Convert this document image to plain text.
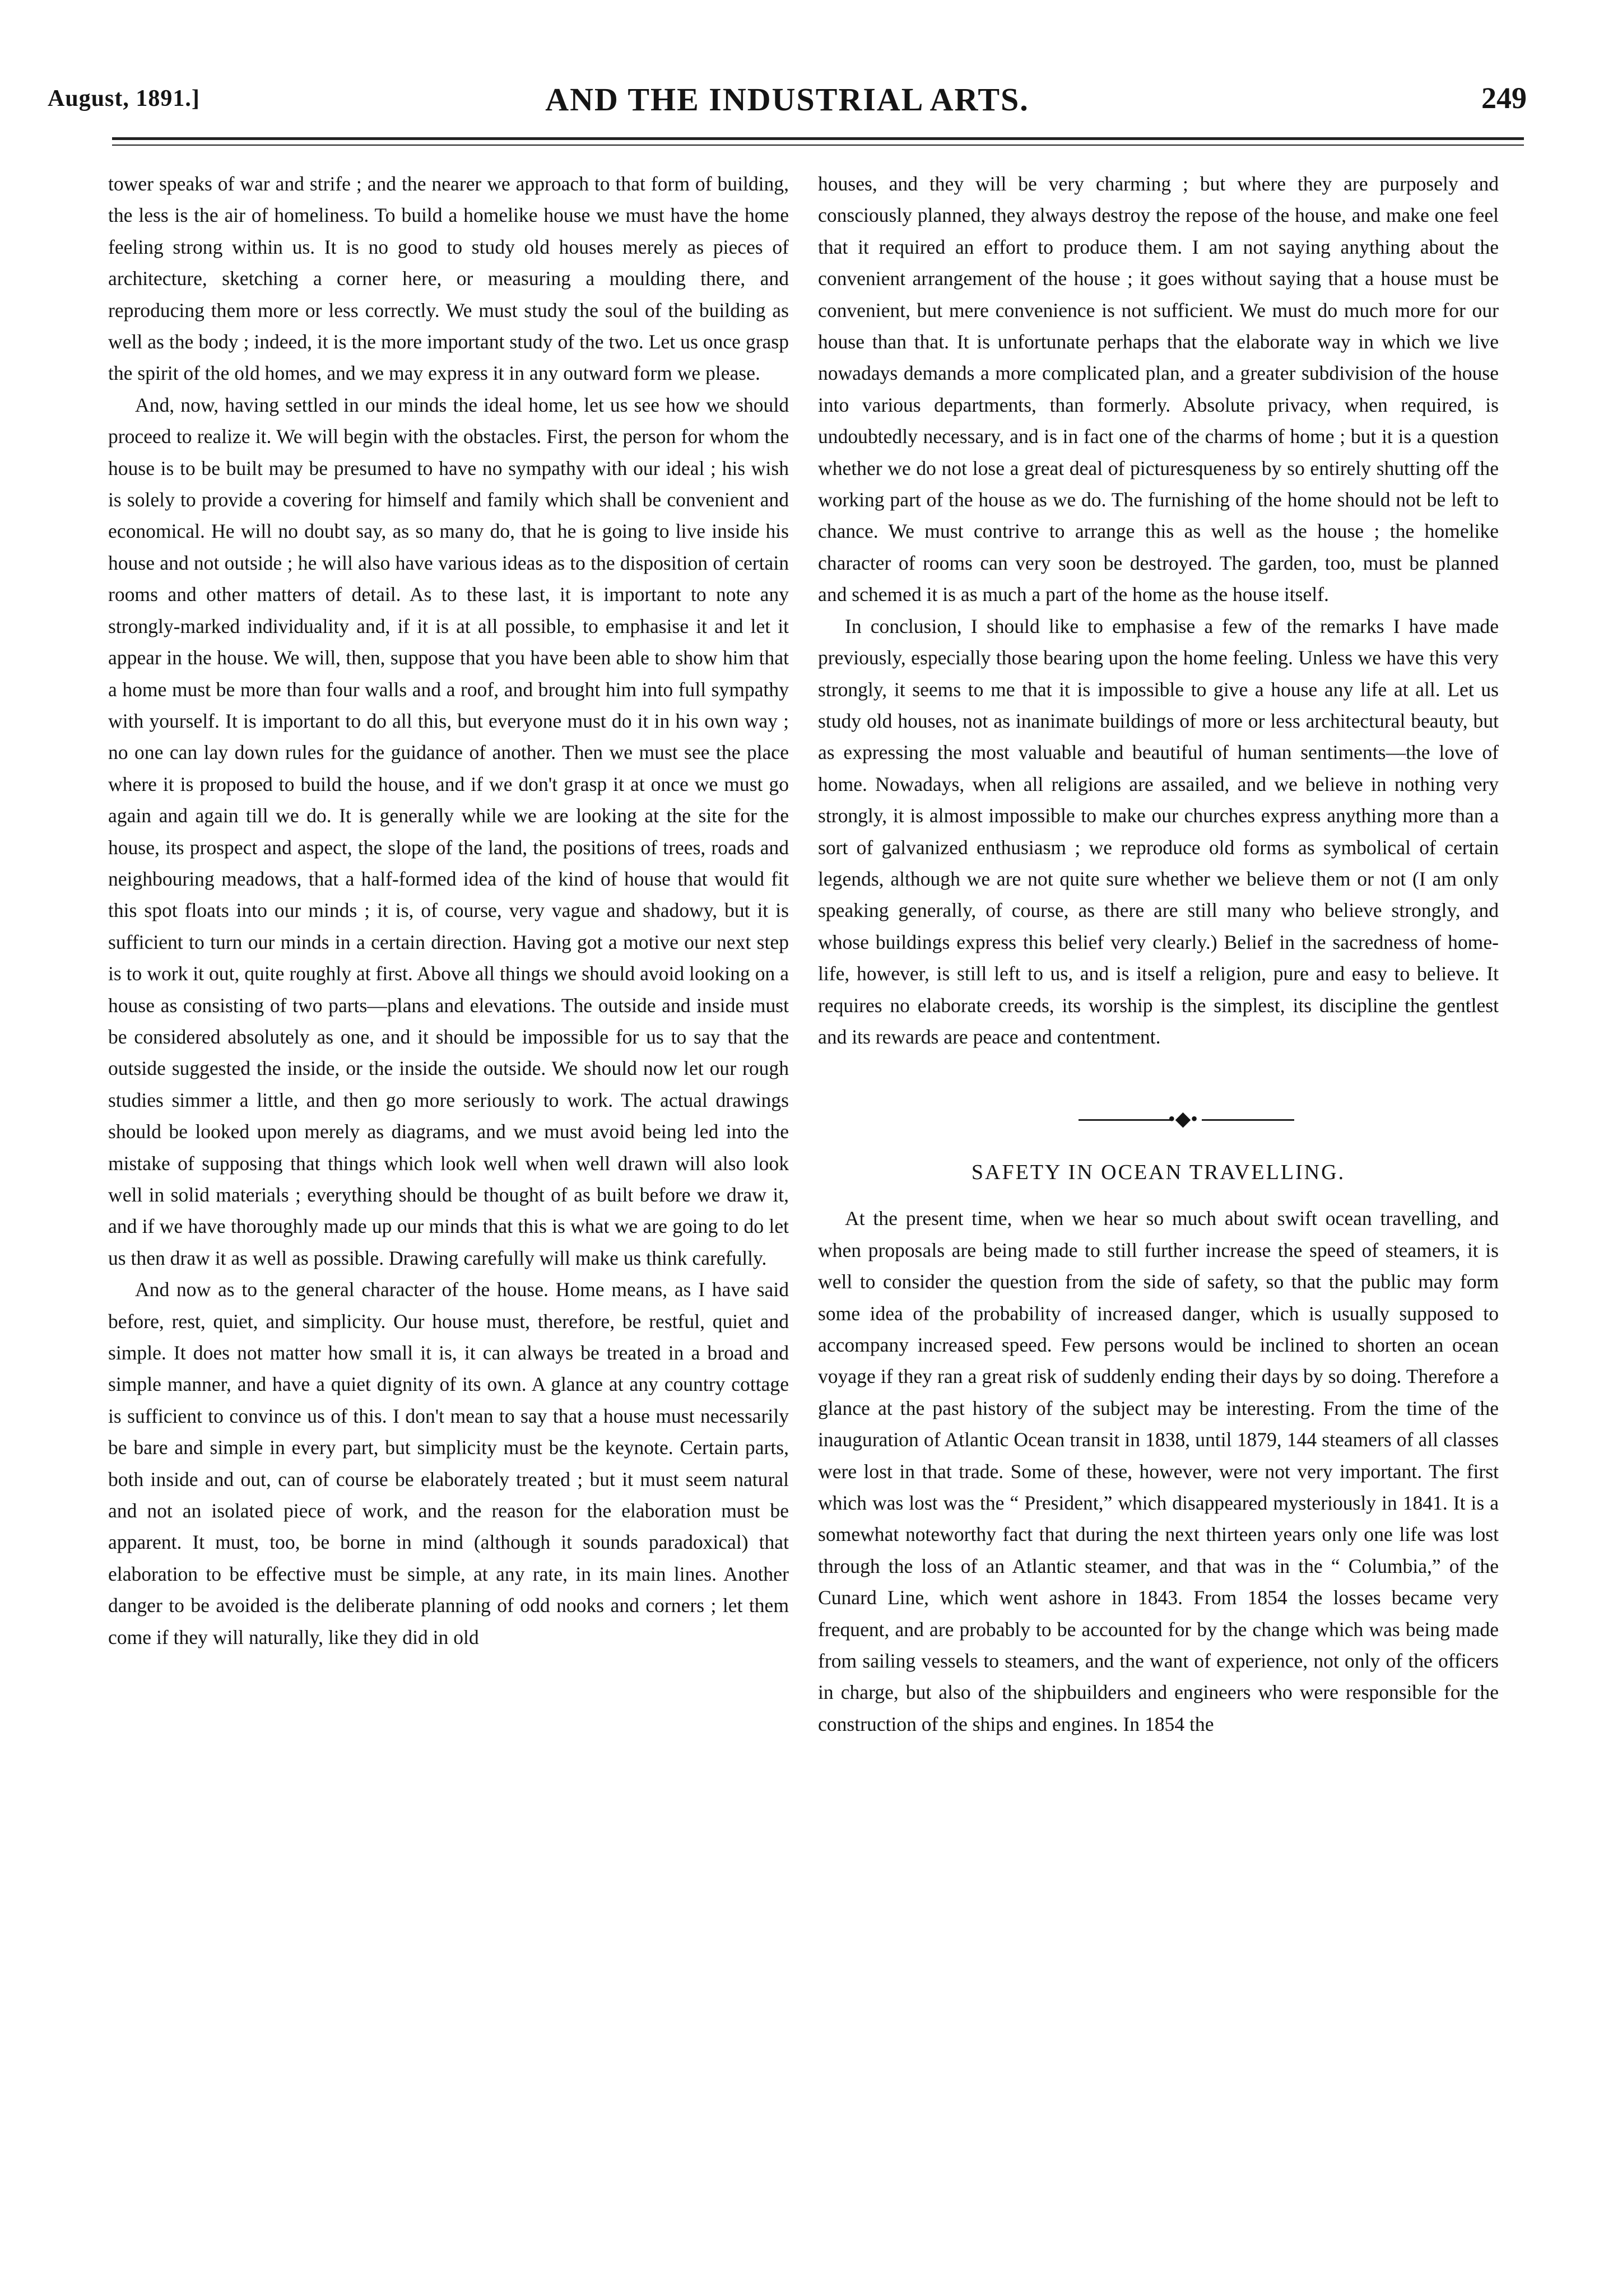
August, 1891.]	AND THE INDUSTRIAL ARTS.	249

tower speaks of war and strife ; and the nearer we approach to that form of building, the less is the air of homeliness. To build a homelike house we must have the home feeling strong within us. It is no good to study old houses merely as pieces of architecture, sketching a corner here, or measuring a moulding there, and reproducing them more or less correctly. We must study the soul of the building as well as the body ; indeed, it is the more important study of the two. Let us once grasp the spirit of the old homes, and we may express it in any outward form we please.

And, now, having settled in our minds the ideal home, let us see how we should proceed to realize it. We will begin with the obstacles. First, the person for whom the house is to be built may be presumed to have no sympathy with our ideal ; his wish is solely to provide a covering for himself and family which shall be convenient and economical. He will no doubt say, as so many do, that he is going to live inside his house and not outside ; he will also have various ideas as to the disposition of certain rooms and other matters of detail. As to these last, it is important to note any strongly-marked individuality and, if it is at all possible, to emphasise it and let it appear in the house. We will, then, suppose that you have been able to show him that a home must be more than four walls and a roof, and brought him into full sympathy with yourself. It is important to do all this, but everyone must do it in his own way ; no one can lay down rules for the guidance of another. Then we must see the place where it is proposed to build the house, and if we don't grasp it at once we must go again and again till we do. It is generally while we are looking at the site for the house, its prospect and aspect, the slope of the land, the positions of trees, roads and neighbouring meadows, that a half-formed idea of the kind of house that would fit this spot floats into our minds ; it is, of course, very vague and shadowy, but it is sufficient to turn our minds in a certain direction. Having got a motive our next step is to work it out, quite roughly at first. Above all things we should avoid looking on a house as consisting of two parts—plans and elevations. The outside and inside must be considered absolutely as one, and it should be impossible for us to say that the outside suggested the inside, or the inside the outside. We should now let our rough studies simmer a little, and then go more seriously to work. The actual drawings should be looked upon merely as diagrams, and we must avoid being led into the mistake of supposing that things which look well when well drawn will also look well in solid materials ; everything should be thought of as built before we draw it, and if we have thoroughly made up our minds that this is what we are going to do let us then draw it as well as possible. Drawing carefully will make us think carefully.

And now as to the general character of the house. Home means, as I have said before, rest, quiet, and simplicity. Our house must, therefore, be restful, quiet and simple. It does not matter how small it is, it can always be treated in a broad and simple manner, and have a quiet dignity of its own. A glance at any country cottage is sufficient to convince us of this. I don't mean to say that a house must necessarily be bare and simple in every part, but simplicity must be the keynote. Certain parts, both inside and out, can of course be elaborately treated ; but it must seem natural and not an isolated piece of work, and the reason for the elaboration must be apparent. It must, too, be borne in mind (although it sounds paradoxical) that elaboration to be effective must be simple, at any rate, in its main lines. Another danger to be avoided is the deliberate planning of odd nooks and corners ; let them come if they will naturally, like they did in old

houses, and they will be very charming ; but where they are purposely and consciously planned, they always destroy the repose of the house, and make one feel that it required an effort to produce them. I am not saying anything about the convenient arrangement of the house ; it goes without saying that a house must be convenient, but mere convenience is not sufficient. We must do much more for our house than that. It is unfortunate perhaps that the elaborate way in which we live nowadays demands a more complicated plan, and a greater subdivision of the house into various departments, than formerly. Absolute privacy, when required, is undoubtedly necessary, and is in fact one of the charms of home ; but it is a question whether we do not lose a great deal of picturesqueness by so entirely shutting off the working part of the house as we do. The furnishing of the home should not be left to chance. We must contrive to arrange this as well as the house ; the homelike character of rooms can very soon be destroyed. The garden, too, must be planned and schemed it is as much a part of the home as the house itself.

In conclusion, I should like to emphasise a few of the remarks I have made previously, especially those bearing upon the home feeling. Unless we have this very strongly, it seems to me that it is impossible to give a house any life at all. Let us study old houses, not as inanimate buildings of more or less architectural beauty, but as expressing the most valuable and beautiful of human sentiments—the love of home. Nowadays, when all religions are assailed, and we believe in nothing very strongly, it is almost impossible to make our churches express anything more than a sort of galvanized enthusiasm ; we reproduce old forms as symbolical of certain legends, although we are not quite sure whether we believe them or not (I am only speaking generally, of course, as there are still many who believe strongly, and whose buildings express this belief very clearly.) Belief in the sacredness of home-life, however, is still left to us, and is itself a religion, pure and easy to believe. It requires no elaborate creeds, its worship is the simplest, its discipline the gentlest and its rewards are peace and contentment.

•◆•
SAFETY IN OCEAN TRAVELLING.

At the present time, when we hear so much about swift ocean travelling, and when proposals are being made to still further increase the speed of steamers, it is well to consider the question from the side of safety, so that the public may form some idea of the probability of increased danger, which is usually supposed to accompany increased speed. Few persons would be inclined to shorten an ocean voyage if they ran a great risk of suddenly ending their days by so doing. Therefore a glance at the past history of the subject may be interesting. From the time of the inauguration of Atlantic Ocean transit in 1838, until 1879, 144 steamers of all classes were lost in that trade. Some of these, however, were not very important. The first which was lost was the “ President,” which disappeared mysteriously in 1841. It is a somewhat noteworthy fact that during the next thirteen years only one life was lost through the loss of an Atlantic steamer, and that was in the “ Columbia,” of the Cunard Line, which went ashore in 1843. From 1854 the losses became very frequent, and are probably to be accounted for by the change which was being made from sailing vessels to steamers, and the want of experience, not only of the officers in charge, but also of the shipbuilders and engineers who were responsible for the construction of the ships and engines. In 1854 the
